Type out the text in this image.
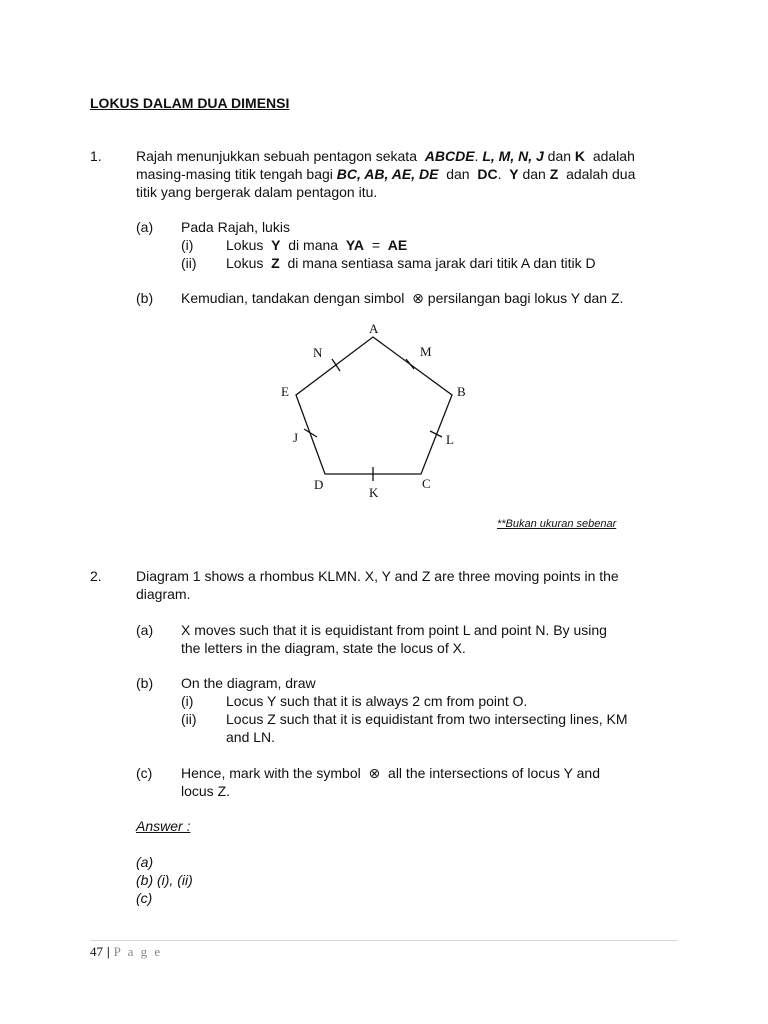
LOKUS DALAM DUA DIMENSI
1. Rajah menunjukkan sebuah pentagon sekata ABCDE. L, M, N, J dan K adalah
masing-masing titik tengah bagi BC, AB, AE, DE dan DC. Y dan Z adalah dua
titik yang bergerak dalam pentagon itu.
(a) Pada Rajah, lukis
(i) Lokus Y di mana YA = AE
(ii) Lokus Z di mana sentiasa sama jarak dari titik A dan titik D
(b) Kemudian, tandakan dengan simbol ⊗ persilangan bagi lokus Y dan Z.
A
B
C
D
E
K
L
M
N
J
**Bukan ukuran sebenar
2. Diagram 1 shows a rhombus KLMN. X, Y and Z are three moving points in the
diagram.
(a) X moves such that it is equidistant from point L and point N. By using
the letters in the diagram, state the locus of X.
(b) On the diagram, draw
(i) Locus Y such that it is always 2 cm from point O.
(ii) Locus Z such that it is equidistant from two intersecting lines, KM
and LN.
(c) Hence, mark with the symbol ⊗ all the intersections of locus Y and
locus Z.
Answer :
(a)
(b) (i), (ii)
(c)
47 | P a g e
